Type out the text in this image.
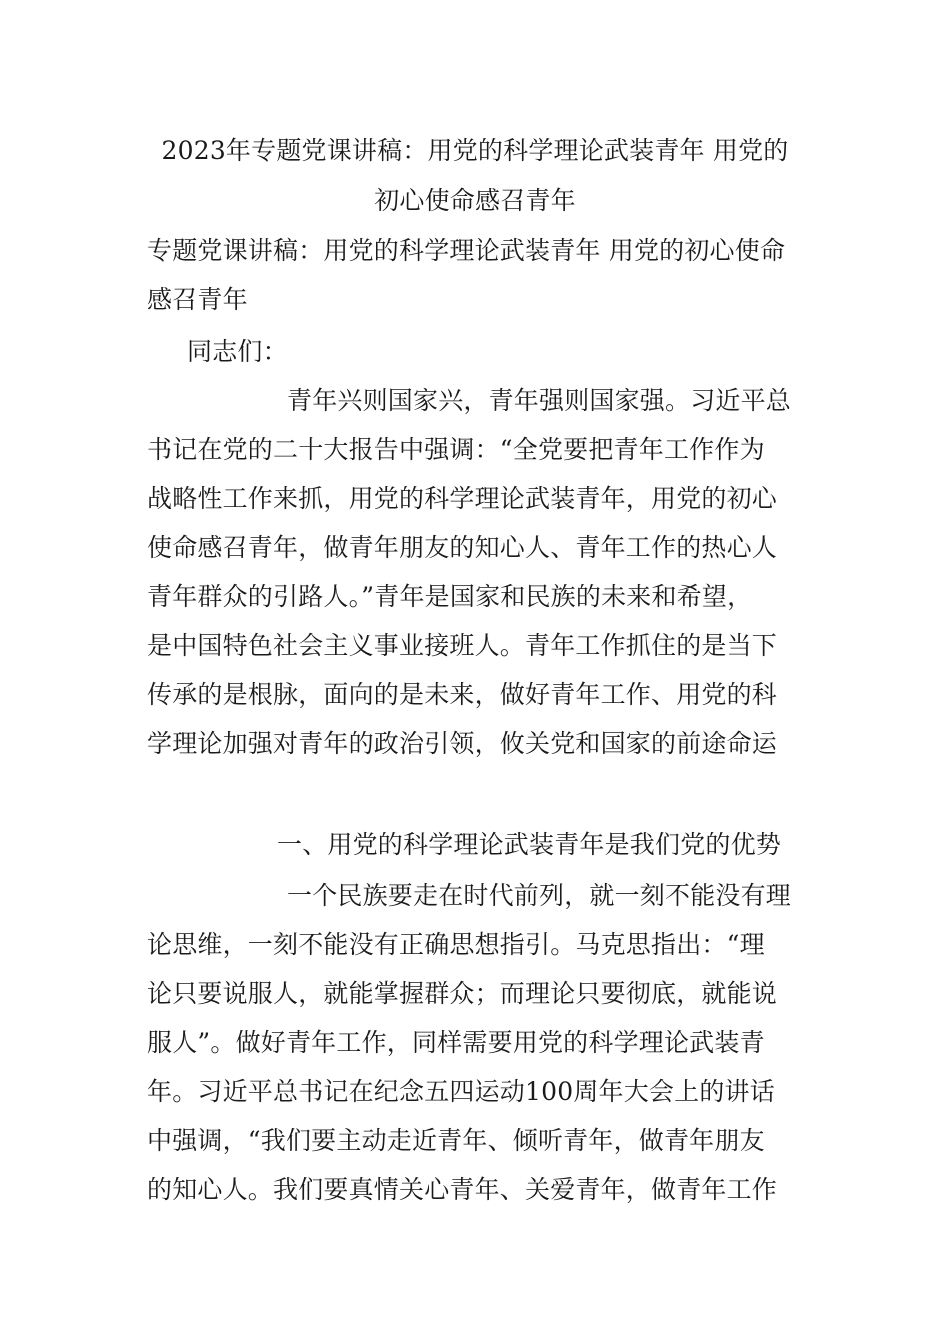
2023年专题党课讲稿：用党的科学理论武装青年 用党的
初心使命感召青年
专题党课讲稿：用党的科学理论武装青年 用党的初心使命
感召青年
同志们：
青年兴则国家兴，青年强则国家强。习近平总
书记在党的二十大报告中强调：“全党要把青年工作作为
战略性工作来抓，用党的科学理论武装青年，用党的初心
使命感召青年，做青年朋友的知心人、青年工作的热心人
青年群众的引路人。”青年是国家和民族的未来和希望，
是中国特色社会主义事业接班人。青年工作抓住的是当下
传承的是根脉，面向的是未来，做好青年工作、用党的科
学理论加强对青年的政治引领，攸关党和国家的前途命运
一、用党的科学理论武装青年是我们党的优势
一个民族要走在时代前列，就一刻不能没有理
论思维，一刻不能没有正确思想指引。马克思指出：“理
论只要说服人，就能掌握群众；而理论只要彻底，就能说
服人”。做好青年工作，同样需要用党的科学理论武装青
年。习近平总书记在纪念五四运动100周年大会上的讲话
中强调，“我们要主动走近青年、倾听青年，做青年朋友
的知心人。我们要真情关心青年、关爱青年，做青年工作
